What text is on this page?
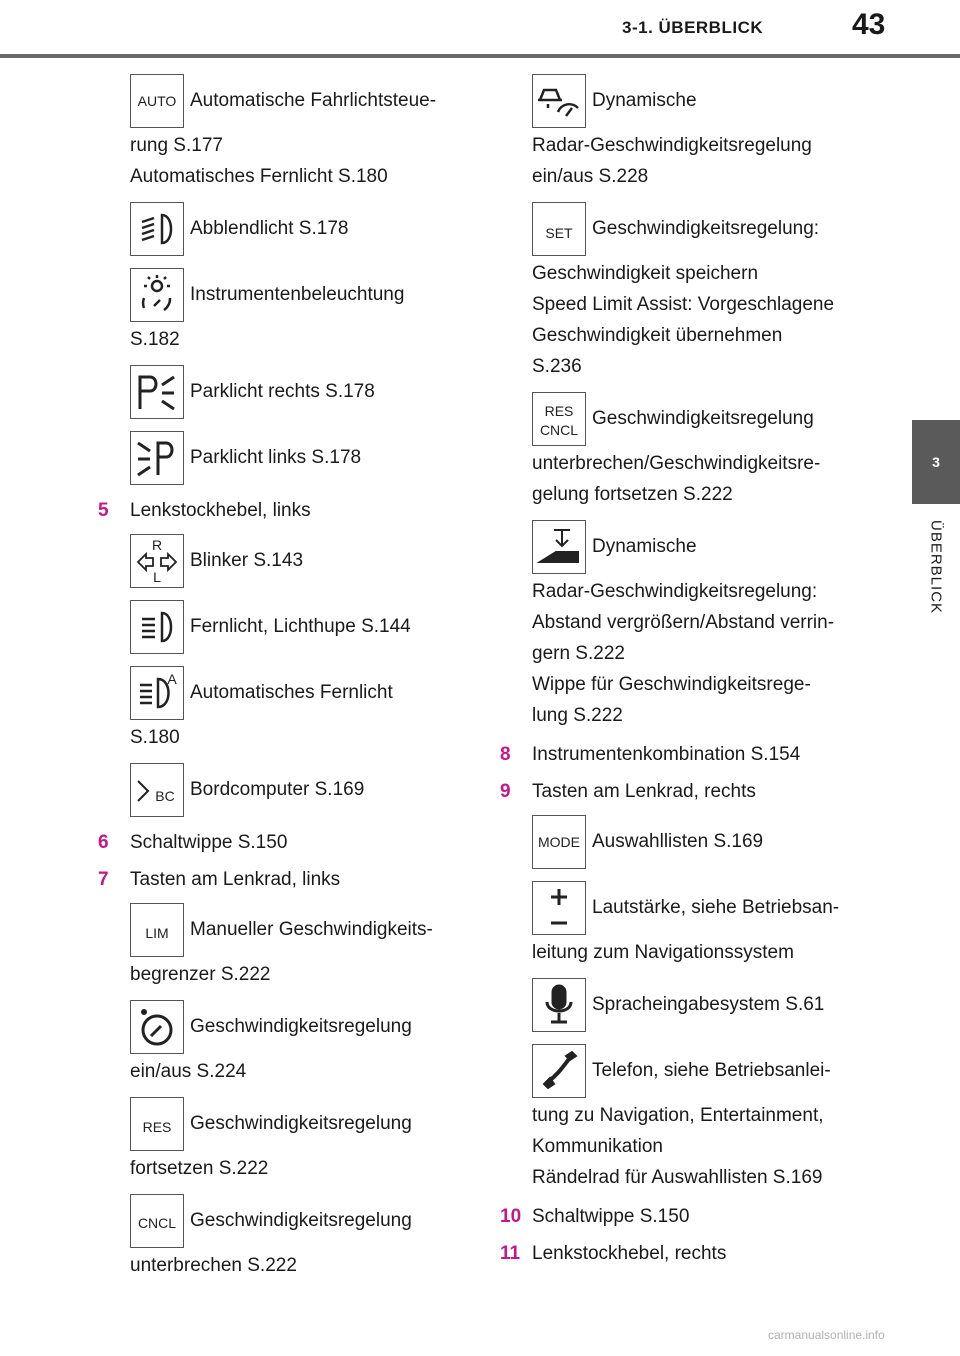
3-1. ÜBERBLICK	43
3
ÜBERBLICK
AUTO Automatische Fahrlichtsteue-
rung S.177
Automatisches Fernlicht S.180
Abblendlicht S.178
Instrumentenbeleuchtung
S.182
Parklicht rechts S.178
Parklicht links S.178
5	Lenkstockhebel, links
R
L
Blinker S.143
Fernlicht, Lichthupe S.144
A
Automatisches Fernlicht
S.180
BC Bordcomputer S.169
6	Schaltwippe S.150
7	Tasten am Lenkrad, links
LIM Manueller Geschwindigkeits-
begrenzer S.222
Geschwindigkeitsregelung
ein/aus S.224
RES Geschwindigkeitsregelung
fortsetzen S.222
CNCL Geschwindigkeitsregelung
unterbrechen S.222
Dynamische
Radar-Geschwindigkeitsregelung
ein/aus S.228
SET Geschwindigkeitsregelung:
Geschwindigkeit speichern
Speed Limit Assist: Vorgeschlagene
Geschwindigkeit übernehmen
S.236
RES
CNCL
Geschwindigkeitsregelung
unterbrechen/Geschwindigkeitsre-
gelung fortsetzen S.222
Dynamische
Radar-Geschwindigkeitsregelung:
Abstand vergrößern/Abstand verrin-
gern S.222
Wippe für Geschwindigkeitsrege-
lung S.222
8	Instrumentenkombination S.154
9	Tasten am Lenkrad, rechts
MODE Auswahllisten S.169
Lautstärke, siehe Betriebsan-
leitung zum Navigationssystem
Spracheingabesystem S.61
Telefon, siehe Betriebsanlei-
tung zu Navigation, Entertainment,
Kommunikation
Rändelrad für Auswahllisten S.169
10 Schaltwippe S.150
11 Lenkstockhebel, rechts
carmanualsonline.info
